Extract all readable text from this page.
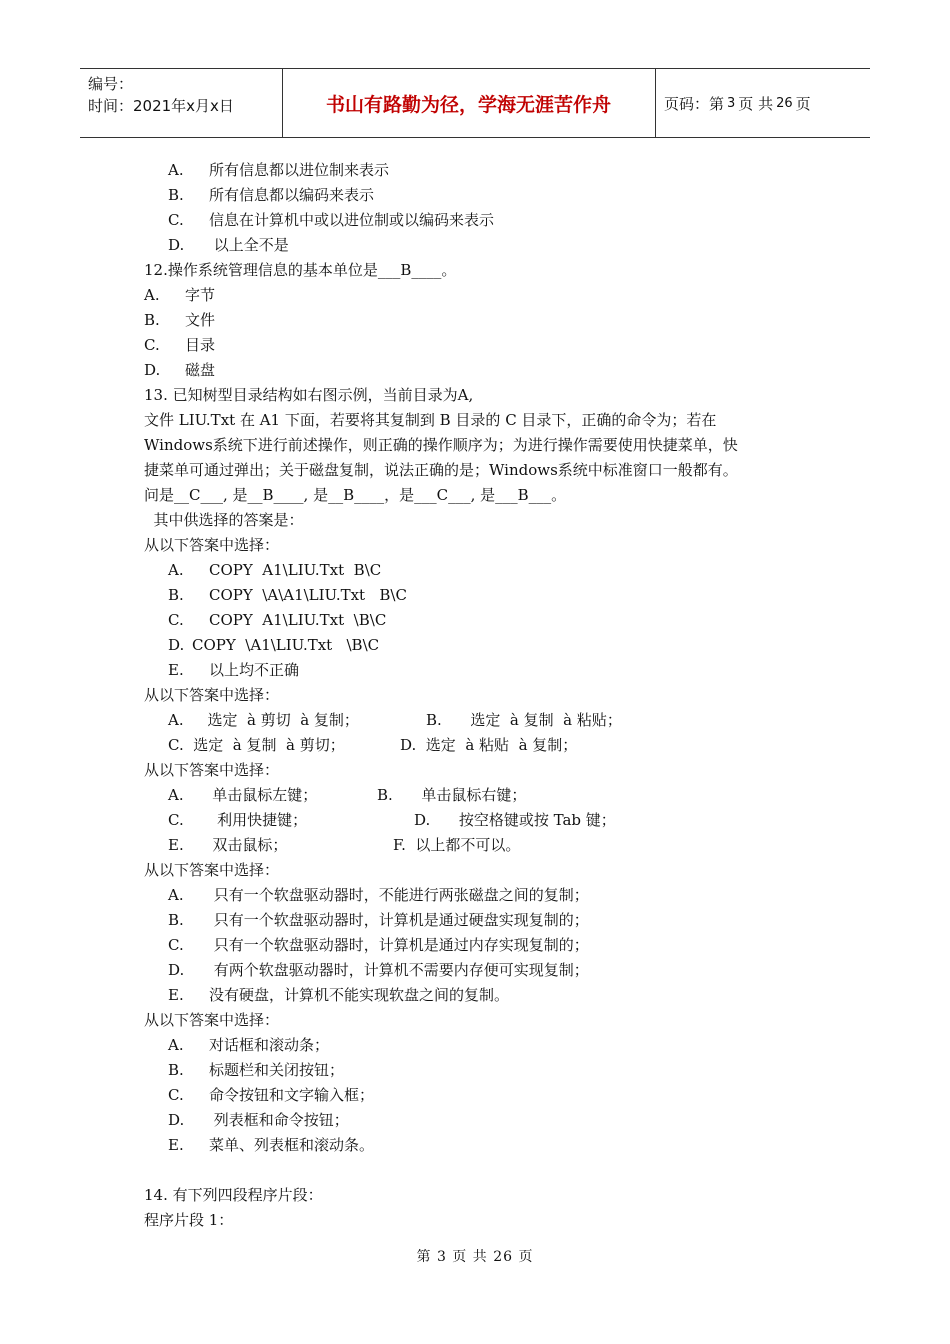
编号：
时间：2021年x月x日	书山有路勤为径，学海无涯苦作舟	页码：第 3 页 共 26 页
A. 所有信息都以进位制来表示
B. 所有信息都以编码来表示
C. 信息在计算机中或以进位制或以编码来表示
D. 以上全不是
12.操作系统管理信息的基本单位是___B____。
A. 字节
B. 文件
C. 目录
D. 磁盘
13. 已知树型目录结构如右图示例，当前目录为A,
文件 LIU.Txt 在 A1 下面，若要将其复制到 B 目录的 C 目录下，正确的命令为；若在
Windows系统下进行前述操作，则正确的操作顺序为；为进行操作需要使用快捷菜单，快
捷菜单可通过弹出；关于磁盘复制，说法正确的是；Windows系统中标准窗口一般都有。
问是__C___, 是__B____, 是__B____，是___C___, 是___B___。
其中供选择的答案是：
从以下答案中选择：
A. COPY  A1\LIU.Txt  B\C
B. COPY  \A\A1\LIU.Txt   B\C
C. COPY  A1\LIU.Txt  \B\C
D. COPY  \A1\LIU.Txt   \B\C
E. 以上均不正确
从以下答案中选择：
A.     选定  à 剪切  à 复制；	B.      选定  à 复制  à 粘贴；
C.  选定  à 复制  à 剪切；	D.  选定  à 粘贴  à 复制；
从以下答案中选择：
A.      单击鼠标左键；	B.      单击鼠标右键；
C.       利用快捷键；	D.      按空格键或按 Tab 键；
E.      双击鼠标；	F.  以上都不可以。
从以下答案中选择：
A. 只有一个软盘驱动器时，不能进行两张磁盘之间的复制；
B. 只有一个软盘驱动器时，计算机是通过硬盘实现复制的；
C. 只有一个软盘驱动器时，计算机是通过内存实现复制的；
D. 有两个软盘驱动器时，计算机不需要内存便可实现复制；
E. 没有硬盘，计算机不能实现软盘之间的复制。
从以下答案中选择：
A. 对话框和滚动条；
B. 标题栏和关闭按钮；
C. 命令按钮和文字输入框；
D. 列表框和命令按钮；
E. 菜单、列表框和滚动条。
14. 有下列四段程序片段：
程序片段 1：
第 3 页 共 26 页
